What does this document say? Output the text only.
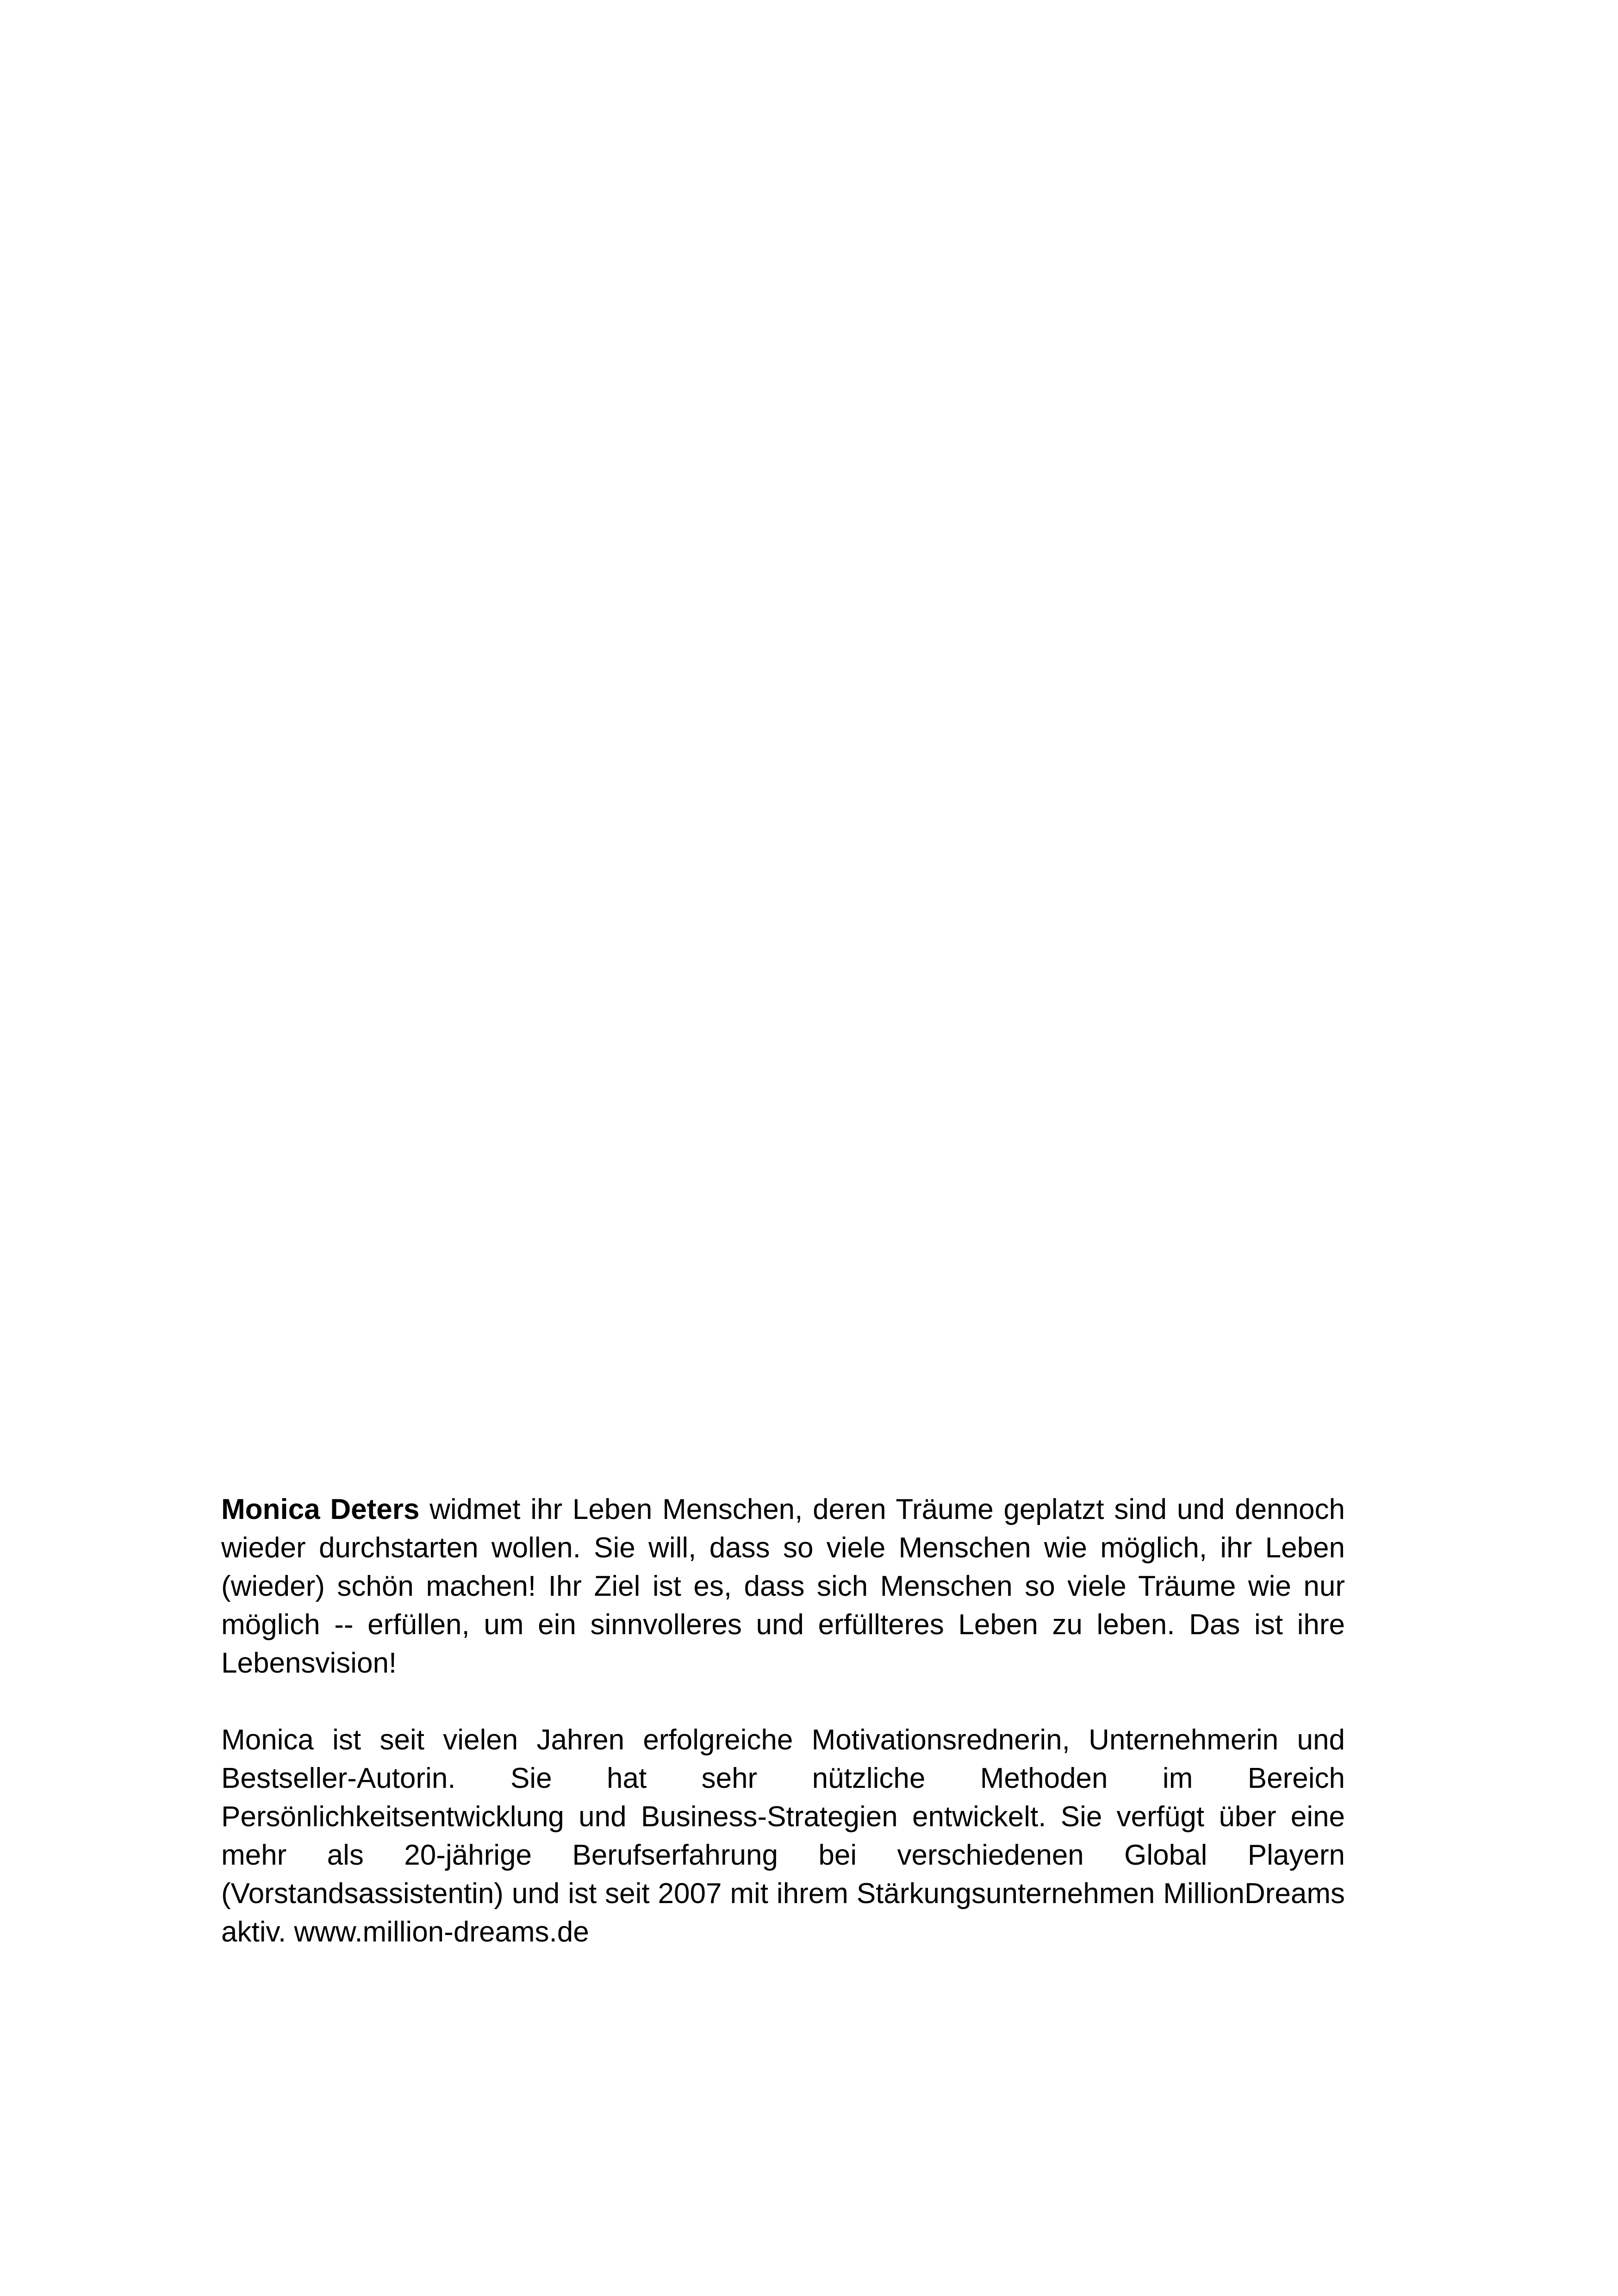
Monica Deters widmet ihr Leben Menschen, deren Träume geplatzt sind und dennoch wieder durchstarten wollen. Sie will, dass so viele Menschen wie möglich, ihr Leben (wieder) schön machen! Ihr Ziel ist es, dass sich Menschen so viele Träume wie nur möglich -- erfüllen, um ein sinnvolleres und erfüllteres Leben zu leben. Das ist ihre Lebensvision!

Monica ist seit vielen Jahren erfolgreiche Motivationsrednerin, Unternehmerin und Bestseller-Autorin. Sie hat sehr nützliche Methoden im Bereich Persönlichkeitsentwicklung und Business-Strategien entwickelt. Sie verfügt über eine mehr als 20-jährige Berufserfahrung bei verschiedenen Global Playern (Vorstandsassistentin) und ist seit 2007 mit ihrem Stärkungsunternehmen MillionDreams aktiv. www.million-dreams.de
